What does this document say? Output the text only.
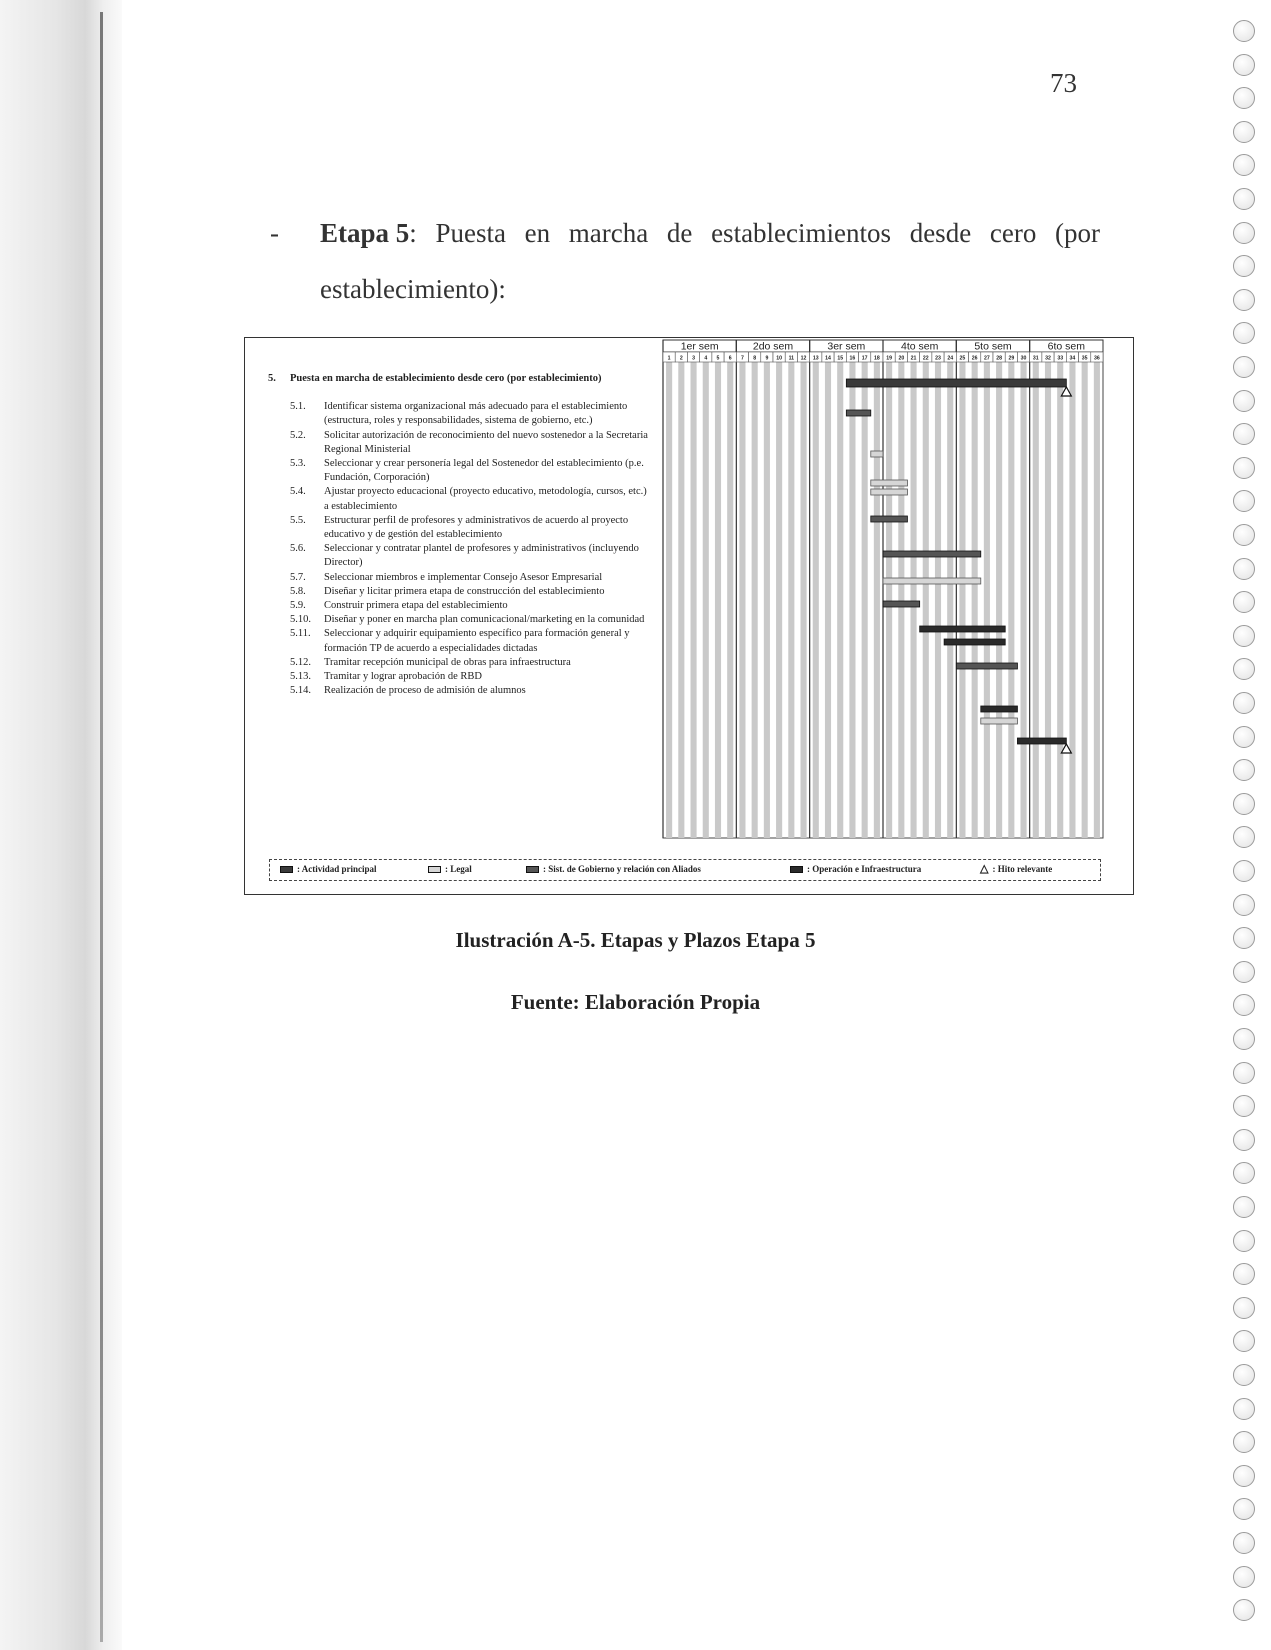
73
- Etapa 5: Puesta en marcha de establecimientos desde cero (por
establecimiento):
1er sem	2do sem	3er sem	4to sem	5to sem	6to sem
1 2 3 4 5 6 7 8 9 10 11 12 13 14 15 16 17 18 19 20 21 22 23 24 25 26 27 28 29 30 31 32 33 34 35 36
5.	Puesta en marcha de establecimiento desde cero (por establecimiento)
5.1.	Identificar sistema organizacional más adecuado para el establecimiento (estructura, roles y responsabilidades, sistema de gobierno, etc.)
5.2.	Solicitar autorización de reconocimiento del nuevo sostenedor a la Secretaria Regional Ministerial
5.3.	Seleccionar y crear personería legal del Sostenedor del establecimiento (p.e. Fundación, Corporación)
5.4.	Ajustar proyecto educacional (proyecto educativo, metodología, cursos, etc.) a establecimiento
5.5.	Estructurar perfil de profesores y administrativos de acuerdo al proyecto educativo y de gestión del establecimiento
5.6.	Seleccionar y contratar plantel de profesores y administrativos (incluyendo Director)
5.7.	Seleccionar miembros e implementar Consejo Asesor Empresarial
5.8.	Diseñar y licitar primera etapa de construcción del establecimiento
5.9.	Construir primera etapa del establecimiento
5.10.	Diseñar y poner en marcha plan comunicacional/marketing en la comunidad
5.11.	Seleccionar y adquirir equipamiento específico para formación general y formación TP de acuerdo a especialidades dictadas
5.12.	Tramitar recepción municipal de obras para infraestructura
5.13.	Tramitar y lograr aprobación de RBD
5.14.	Realización de proceso de admisión de alumnos
: Actividad principal	: Legal	: Sist. de Gobierno y relación con Aliados	: Operación e Infraestructura	△ : Hito relevante
Ilustración A-5. Etapas y Plazos Etapa 5
Fuente: Elaboración Propia
